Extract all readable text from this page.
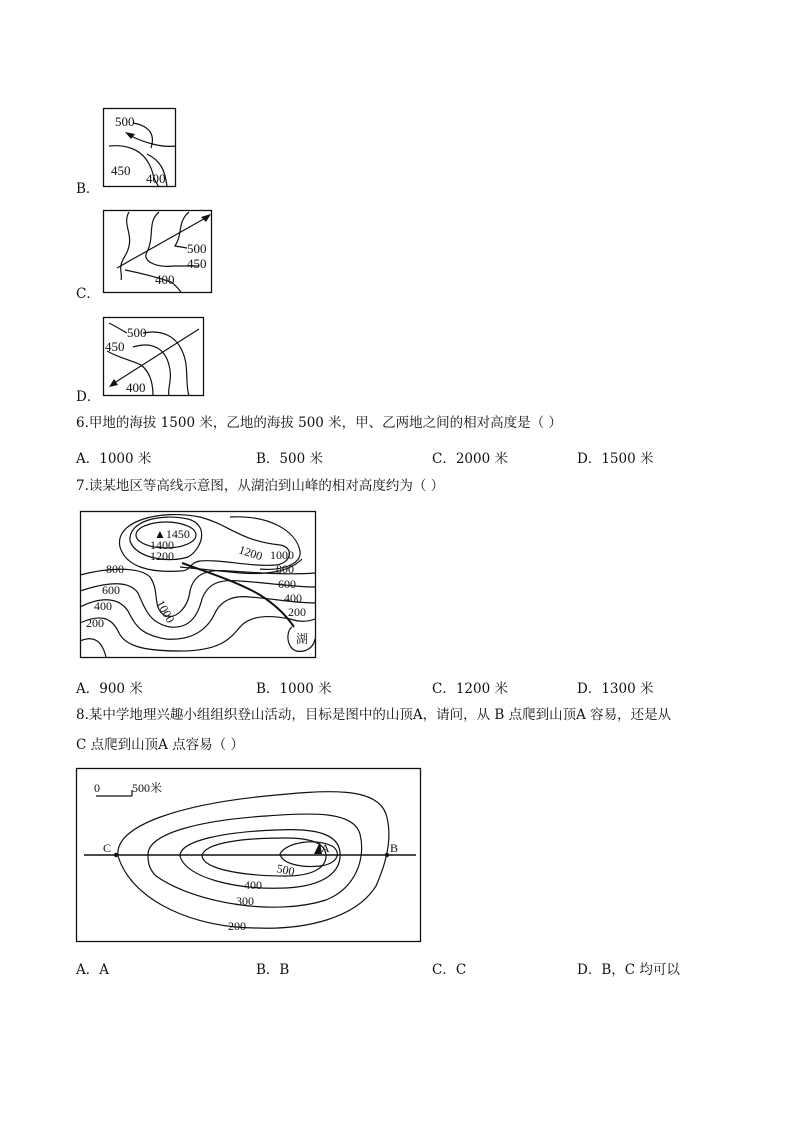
B．
500
450
400
C．
500
450
400
D．
500
450
400
6.甲地的海拔 1500 米，乙地的海拔 500 米，甲、乙两地之间的相对高度是（ ）
A．1000 米	B．500 米	C．2000 米	D．1500 米
7.读某地区等高线示意图，从湖泊到山峰的相对高度约为（ ）
▲1450
1400
1200	1200 1000
800	800
600	600
400
400
200
200
1000
湖
A．900 米	B．1000 米	C．1200 米	D．1300 米
8.某中学地理兴趣小组组织登山活动，目标是图中的山顶A，请问，从 B 点爬到山顶A 容易，还是从
C 点爬到山顶A 点容易（ ）
0	500米
A
C	B
500
400
300
200
A．A	B．B	C．C	D．B，C 均可以
